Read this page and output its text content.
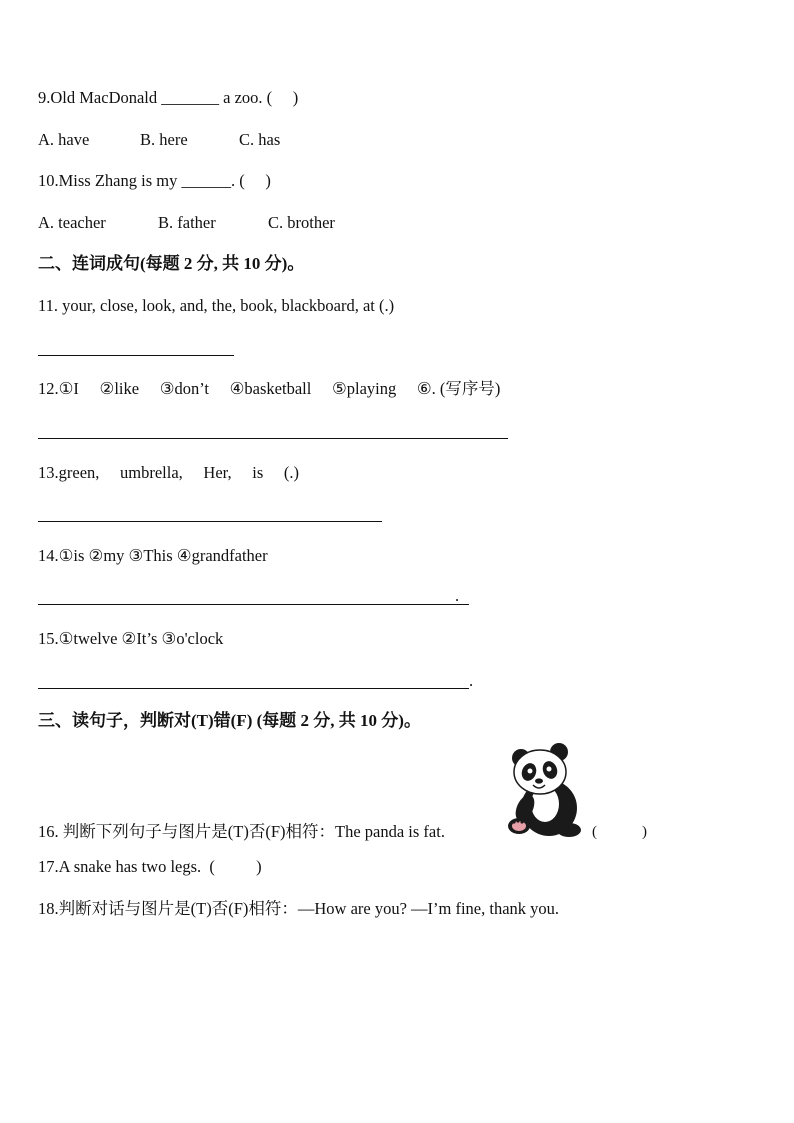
9.Old MacDonald _______ a zoo. (     )
A. have	B. here	C. has
10.Miss Zhang is my ______. (     )
A. teacher	B. father	C. brother
二、连词成句(每题 2 分, 共 10 分)。
11. your, close, look, and, the, book, blackboard, at (.)
12.①I     ②like     ③don’t     ④basketball     ⑤playing     ⑥. (写序号)
13.green,     umbrella,     Her,     is     (.)
14.①is ②my ③This ④grandfather
.
15.①twelve ②It’s ③o'clock
.
三、读句子，判断对(T)错(F) (每题 2 分, 共 10 分)。
16. 判断下列句子与图片是(T)否(F)相符：The panda is fat.	(            )
17.A snake has two legs.  (          )
18.判断对话与图片是(T)否(F)相符：—How are you? —I’m fine, thank you.
